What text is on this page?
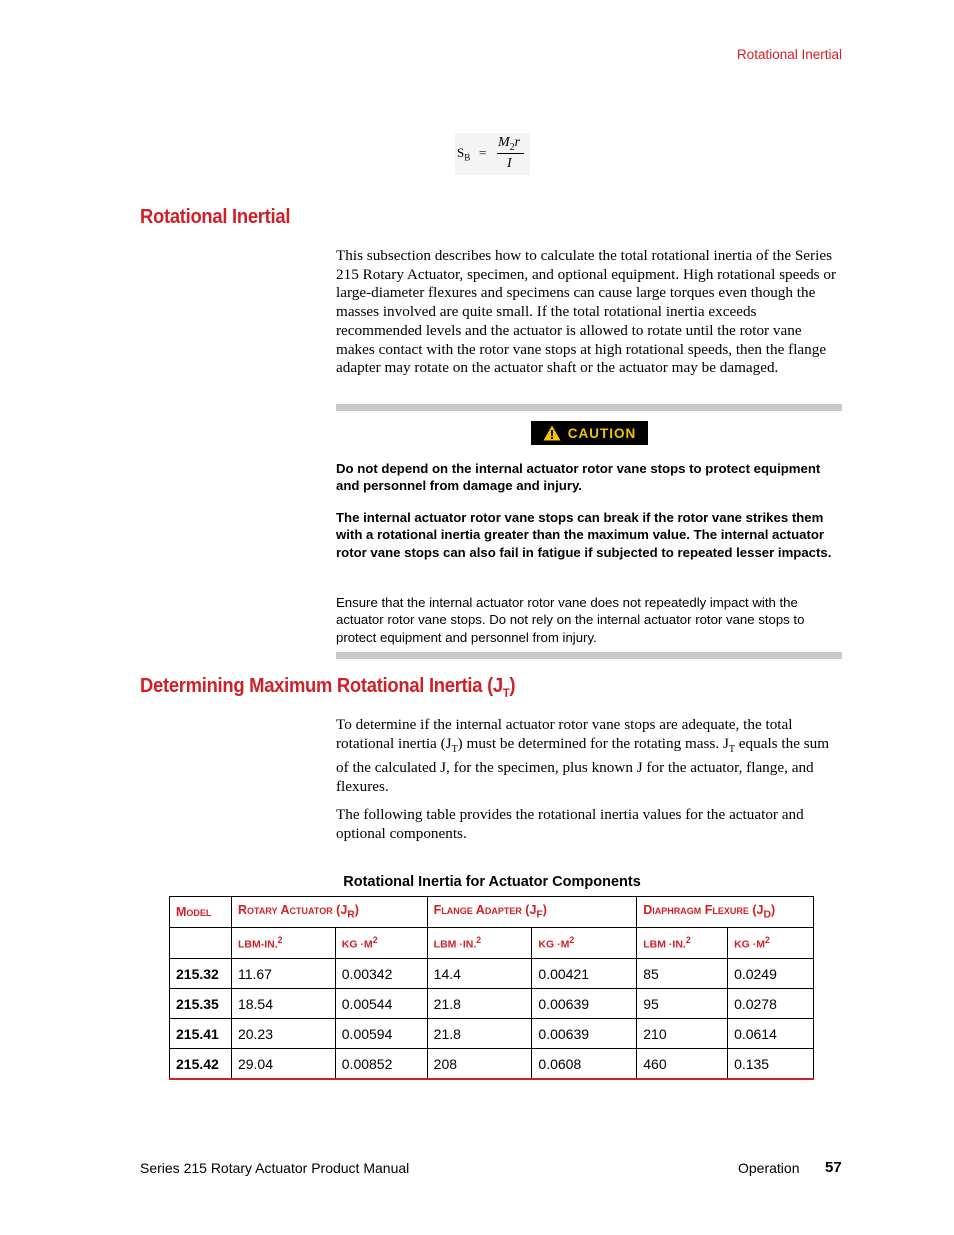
Rotational Inertial
$S_B$ =
$M_2r$
I
Rotational Inertial

This subsection describes how to calculate the total rotational inertia of the Series 215 Rotary Actuator, specimen, and optional equipment. High rotational speeds or large-diameter flexures and specimens can cause large torques even though the masses involved are quite small. If the total rotational inertia exceeds recommended levels and the actuator is allowed to rotate until the rotor vane makes contact with the rotor vane stops at high rotational speeds, then the flange adapter may rotate on the actuator shaft or the actuator may be damaged.

CAUTION

Do not depend on the internal actuator rotor vane stops to protect equipment and personnel from damage and injury.

The internal actuator rotor vane stops can break if the rotor vane strikes them with a rotational inertia greater than the maximum value. The internal actuator rotor vane stops can also fail in fatigue if subjected to repeated lesser impacts.

Ensure that the internal actuator rotor vane does not repeatedly impact with the actuator rotor vane stops. Do not rely on the internal actuator rotor vane stops to protect equipment and personnel from injury.

Determining Maximum Rotational Inertia $(J_T)$

To determine if the internal actuator rotor vane stops are adequate, the total rotational inertia $(J_T)$ must be determined for the rotating mass. $J_T$ equals the sum of the calculated J, for the specimen, plus known J for the actuator, flange, and flexures.

The following table provides the rotational inertia values for the actuator and optional components.

Rotational Inertia for Actuator Components
Model	Rotary Actuator $(J_R)$		Flange Adapter $(J_F)$		Diaphragm Flexure $(J_D)$	
	LBM-IN.$^2$	KG $\cdot M^2$	LBM ·IN.$^2$	KG $\cdot M^2$	LBM ·IN.$^2$	KG $\cdot M^2$
215.32	11.67	0.00342	14.4	0.00421	85	0.0249
215.35	18.54	0.00544	21.8	0.00639	95	0.0278
215.41	20.23	0.00594	21.8	0.00639	210	0.0614
215.42	29.04	0.00852	208	0.0608	460	0.135
Series 215 Rotary Actuator Product Manual	Operation 57
